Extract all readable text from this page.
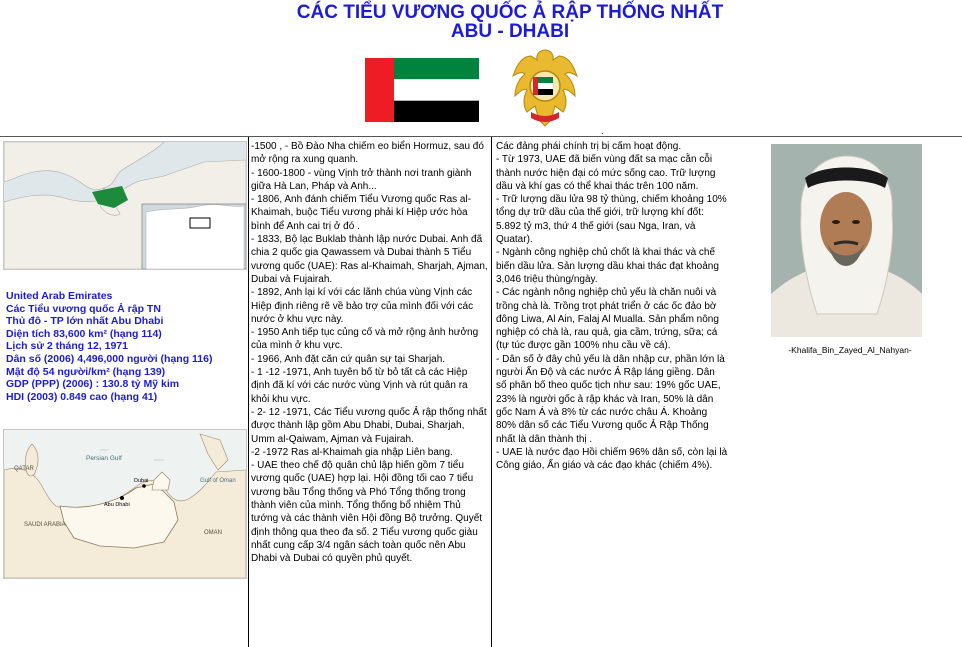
CÁC TIỂU VƯƠNG QUỐC Ả RẬP THỐNG NHẤT
ABU - DHABI
.
United Arab Emirates
Các Tiểu vương quốc Ả rập TN
Thủ đô - TP lớn nhất Abu Dhabi
Diện tích 83,600 km² (hạng 114)
Lịch sử 2 tháng 12, 1971
Dân số (2006) 4,496,000 người (hạng 116)
Mật độ 54 người/km² (hạng 139)
GDP (PPP) (2006) : 130.8 tỷ Mỹ kim
HDI (2003) 0.849 cao (hạng 41)
Persian Gulf
Gulf of Oman
QATAR
SAUDI ARABIA
OMAN
Abu Dhabi
Dubai

-1500 , - Bồ Đào Nha chiếm eo biển Hormuz, sau đó mở rộng ra xung quanh.

- 1600-1800 - vùng Vịnh trở thành nơi tranh giành giữa Hà Lan, Pháp và Anh...

- 1806, Anh đánh chiếm Tiểu Vương quốc Ras al-Khaimah, buộc Tiểu vương phải kí Hiệp ước hòa bình để Anh cai trị ở đó .

- 1833, Bộ lạc Buklab thành lập nước Dubai. Anh đã chia 2 quốc gia Qawassem và Dubai thành 5 Tiểu vương quốc (UAE): Ras al-Khaimah, Sharjah, Ajman, Dubai và Fujairah.

- 1892, Anh lại kí với các lãnh chúa vùng Vịnh các Hiệp định riêng rẽ về bảo trợ của mình đối với các nước ở khu vực này.

- 1950 Anh tiếp tục củng cố và mở rộng ảnh hưởng của mình ở khu vực.

- 1966, Anh đặt căn cứ quân sự tại Sharjah.

- 1 -12 -1971, Anh tuyên bố từ bỏ tất cả các Hiệp định đã kí với các nước vùng Vịnh và rút quân ra khỏi khu vực.

- 2- 12 -1971, Các Tiểu vương quốc Ả rập thống nhất được thành lập gồm Abu Dhabi, Dubai, Sharjah, Umm al-Qaiwam, Ajman và Fujairah.

-2 -1972 Ras al-Khaimah gia nhập Liên bang.

- UAE theo chế độ quân chủ lập hiến gồm 7 tiểu vương quốc (UAE) hợp lại. Hội đồng tối cao 7 tiểu vương bầu Tổng thống và Phó Tổng thống trong thành viên của mình. Tổng thống bổ nhiệm Thủ tướng và các thành viên Hội đồng Bộ trưởng. Quyết định thông qua theo đa số. 2 Tiểu vương quốc giàu nhất cung cấp 3/4 ngân sách toàn quốc nên Abu Dhabi và Dubai có quyền phủ quyết.

Các đảng phái chính trị bị cấm hoạt động.

- Từ 1973, UAE đã biến vùng đất sa mạc cằn cỗi thành nước hiện đại có mức sống cao. Trữ lượng dầu và khí gas có thể khai thác trên 100 năm.

- Trữ lượng dầu lửa 98 tỷ thùng, chiếm khoảng 10% tổng dự trữ dầu của thế giới, trữ lượng khí đốt: 5.892 tỷ m3, thứ 4 thế giới (sau Nga, Iran, và Quatar).

- Ngành công nghiệp chủ chốt là khai thác và chế biến dầu lửa. Sản lượng dầu khai thác đạt khoảng 3,046 triệu thùng/ngày.

- Các ngành nông nghiệp chủ yếu là chăn nuôi và trồng chà là. Trồng trọt phát triển ở các ốc đảo bờ đông Liwa, Al Ain, Falaj Al Mualla. Sản phẩm nông nghiệp có chà là, rau quả, gia cầm, trứng, sữa; cá (tự túc được gần 100% nhu cầu về cá).

- Dân số ở đây chủ yếu là dân nhập cư, phần lớn là người Ấn Độ và các nước Ả Rập láng giềng. Dân số phân bố theo quốc tịch như sau: 19% gốc UAE, 23% là người gốc ả rập khác và Iran, 50% là dân gốc Nam Á và 8% từ các nước châu Á. Khoảng 80% dân số các Tiểu Vương quốc Ả Rập Thống nhất là dân thành thị .

- UAE là nước đạo Hồi chiếm 96% dân số, còn lại là Công giáo, Ấn giáo và các đạo khác (chiếm 4%).

-Khalifa_Bin_Zayed_Al_Nahyan-
